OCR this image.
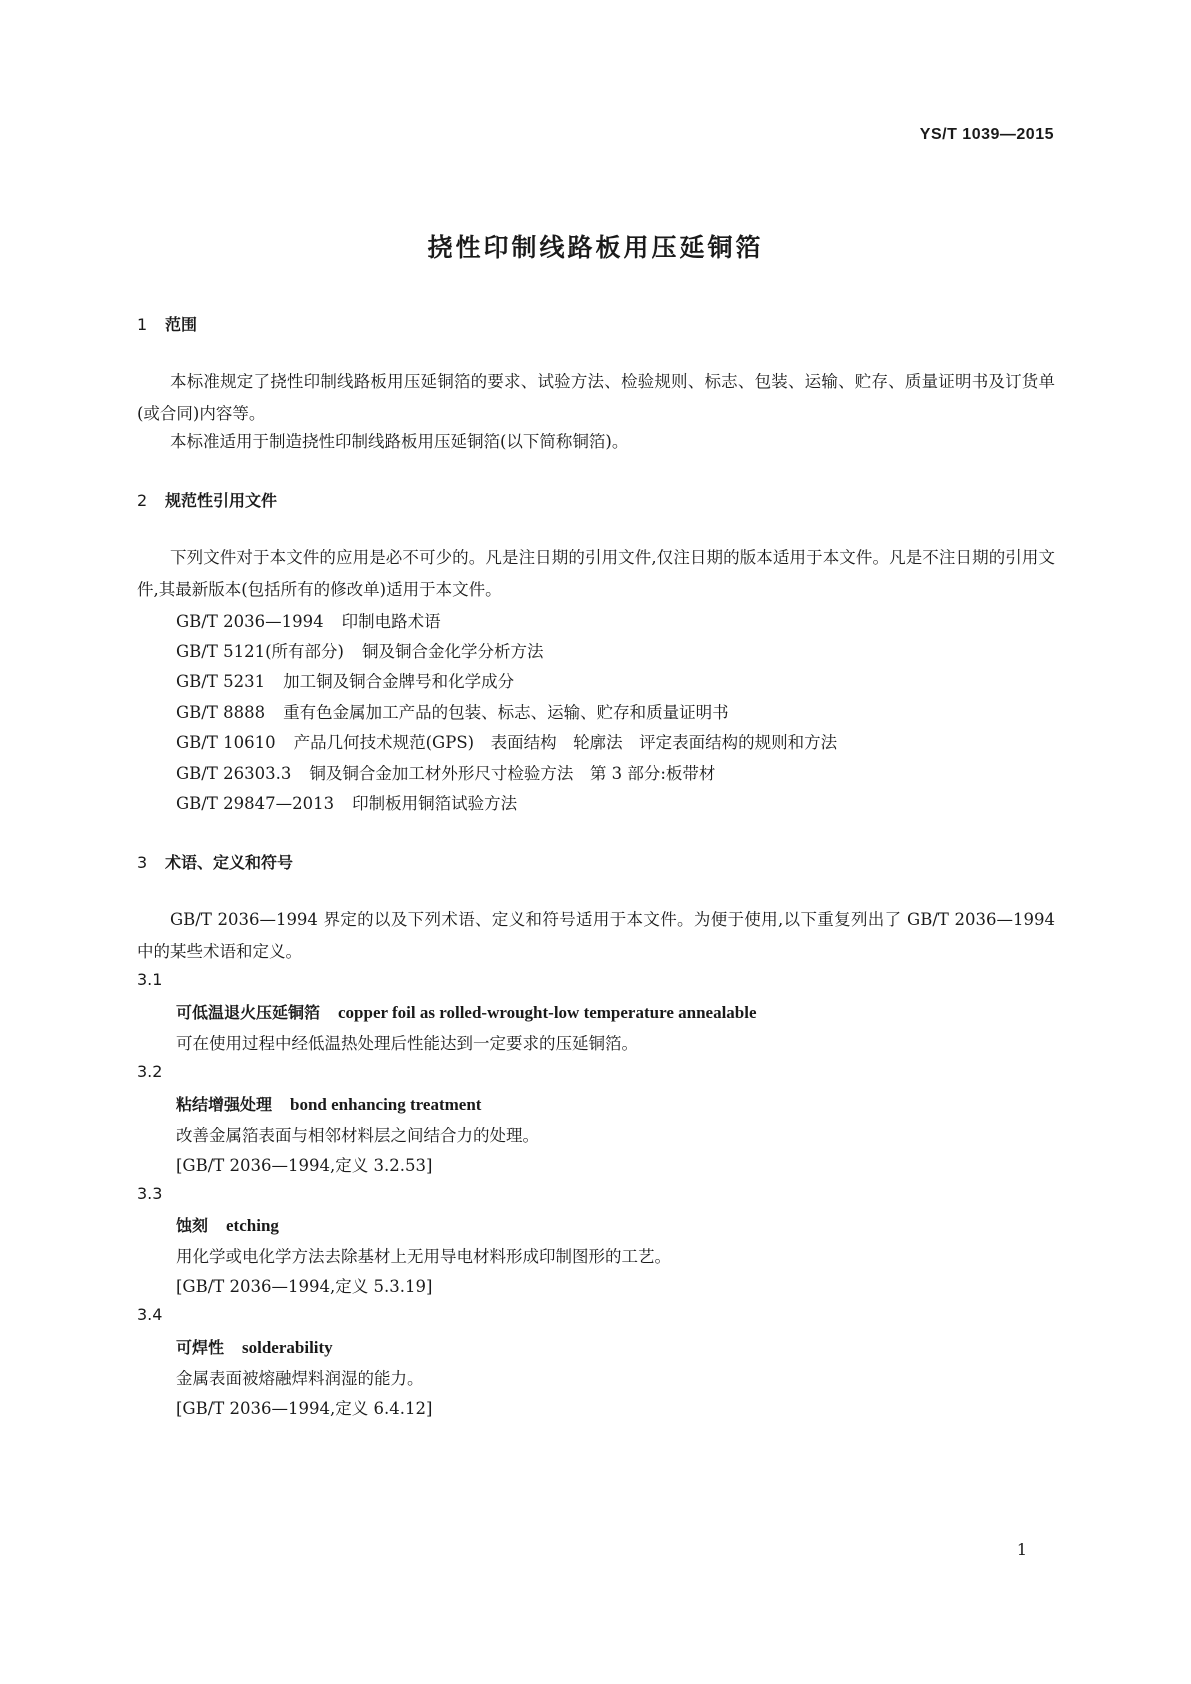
YS/T 1039—2015
挠性印制线路板用压延铜箔
1 范围
本标准规定了挠性印制线路板用压延铜箔的要求、试验方法、检验规则、标志、包装、运输、贮存、质量证明书及订货单(或合同)内容等。
本标准适用于制造挠性印制线路板用压延铜箔(以下简称铜箔)。
2 规范性引用文件
下列文件对于本文件的应用是必不可少的。凡是注日期的引用文件,仅注日期的版本适用于本文件。凡是不注日期的引用文件,其最新版本(包括所有的修改单)适用于本文件。
GB/T 2036—1994 印制电路术语
GB/T 5121(所有部分) 铜及铜合金化学分析方法
GB/T 5231 加工铜及铜合金牌号和化学成分
GB/T 8888 重有色金属加工产品的包装、标志、运输、贮存和质量证明书
GB/T 10610 产品几何技术规范(GPS)　表面结构　轮廓法　评定表面结构的规则和方法
GB/T 26303.3 铜及铜合金加工材外形尺寸检验方法　第 3 部分:板带材
GB/T 29847—2013 印制板用铜箔试验方法
3 术语、定义和符号
GB/T 2036—1994 界定的以及下列术语、定义和符号适用于本文件。为便于使用,以下重复列出了 GB/T 2036—1994 中的某些术语和定义。
3.1
可低温退火压延铜箔 copper foil as rolled-wrought-low temperature annealable
可在使用过程中经低温热处理后性能达到一定要求的压延铜箔。
3.2
粘结增强处理 bond enhancing treatment
改善金属箔表面与相邻材料层之间结合力的处理。
[GB/T 2036—1994,定义 3.2.53]
3.3
蚀刻 etching
用化学或电化学方法去除基材上无用导电材料形成印制图形的工艺。
[GB/T 2036—1994,定义 5.3.19]
3.4
可焊性 solderability
金属表面被熔融焊料润湿的能力。
[GB/T 2036—1994,定义 6.4.12]
1
